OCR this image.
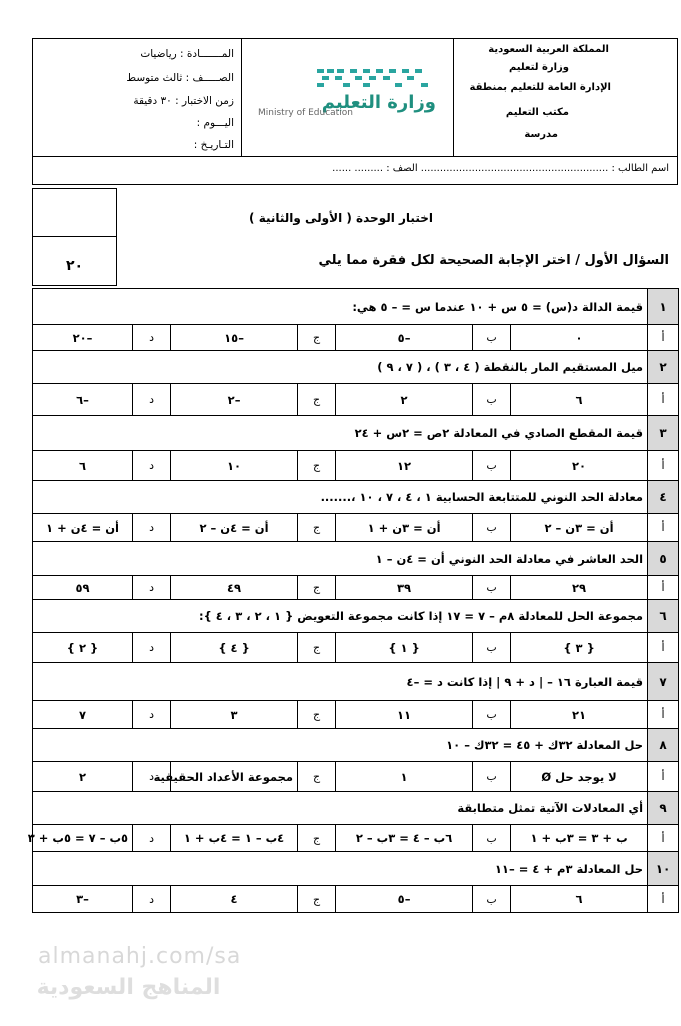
المملكة العربية السعودية
وزارة لتعليم
الإدارة العامة للتعليم بمنطقة
مكتب التعليم
مدرسة
المـــــــادة : رياضيات
الصـــــف : ثالث متوسط
زمن الاختبار : ٣٠ دقيقة
اليـــوم :
التـاريـخ :
وزارة التعليم
Ministry of Education
اسم الطالب : ........................................................... الصف : ......... ......
٢٠
اختبار الوحدة ( الأولى والثانية )
السؤال الأول / اختر الإجابة الصحيحة لكل فقرة مما يلي
١	قيمة الدالة د(س) = ٥ س + ١٠ عندما س = – ٥ هي:						
أ	٠	ب	–٥	ج	–١٥	د	–٢٠
٢	ميل المستقيم المار بالنقطة ( ٤ ، ٣ ) ، ( ٧ ، ٩ )						
أ	٦	ب	٢	ج	–٢	د	–٦
٣	قيمة المقطع الصادي في المعادلة ٢ص = ٢س + ٢٤						
أ	٢٠	ب	١٢	ج	١٠	د	٦
٤	معادلة الحد النوني للمتتابعة الحسابية ١ ، ٤ ، ٧ ، ١٠ ،.......						
أ	أن = ٣ن – ٢	ب	أن = ٣ن + ١	ج	أن = ٤ن – ٢	د	أن = ٤ن + ١
٥	الحد العاشر في معادلة الحد النوني أن = ٤ن – ١						
أ	٢٩	ب	٣٩	ج	٤٩	د	٥٩
٦	مجموعة الحل للمعادلة ٨م – ٧ = ١٧ إذا كانت مجموعة التعويض { ١ ، ٢ ، ٣ ، ٤ }:						
أ	{ ٣ }	ب	{ ١ }	ج	{ ٤ }	د	{ ٢ }
٧	قيمة العبارة ١٦ – | د + ٩ | إذا كانت د = –٤						
أ	٢١	ب	١١	ج	٣	د	٧
٨	حل المعادلة ٣٢ك + ٤٥ = ٣٢ك – ١٠						
أ	لا يوجد حل Ø	ب	١	ج	مجموعة الأعداد الحقيقية	د	٢
٩	أي المعادلات الآتية تمثل متطابقة						
أ	ب + ٣ = ٣ب + ١	ب	٦ب – ٤ = ٣ب – ٢	ج	٤ب – ١ = ٤ب + ١	د	٥ب – ٧ = ٥ب + ٣
١٠	حل المعادلة ٣م + ٤ = –١١						
أ	٦	ب	–٥	ج	٤	د	–٣
almanahj.com/sa
المناهج السعودية
